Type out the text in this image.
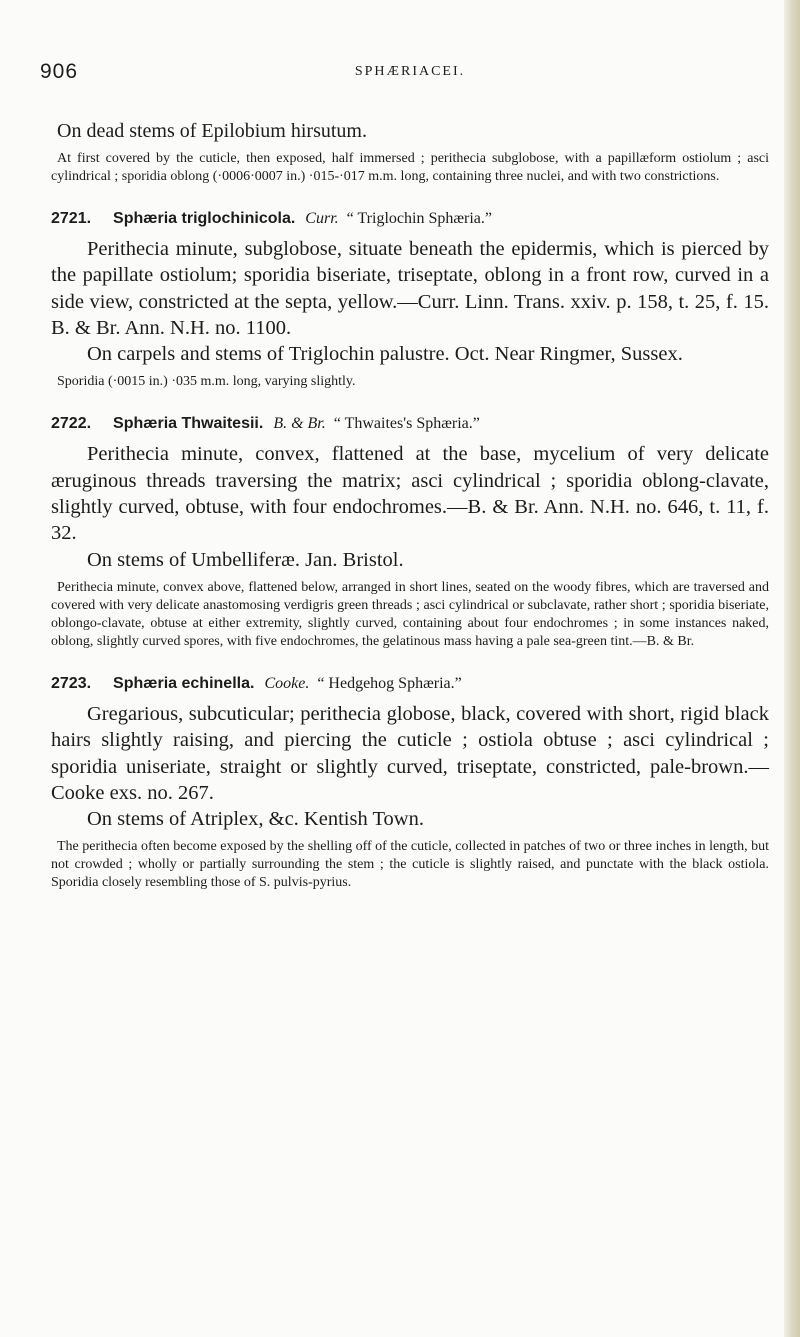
906	SPHÆRIACEI.

On dead stems of Epilobium hirsutum.

At first covered by the cuticle, then exposed, half immersed ; perithecia subglobose, with a papillæform ostiolum ; asci cylindrical ; sporidia oblong (·0006·0007 in.) ·015-·017 m.m. long, containing three nuclei, and with two constrictions.

2721. Sphæria triglochinicola. Curr. “ Triglochin Sphæria.”

Perithecia minute, subglobose, situate beneath the epidermis, which is pierced by the papillate ostiolum; sporidia biseriate, triseptate, oblong in a front row, curved in a side view, constricted at the septa, yellow.—Curr. Linn. Trans. xxiv. p. 158, t. 25, f. 15. B. & Br. Ann. N.H. no. 1100.

On carpels and stems of Triglochin palustre. Oct. Near Ringmer, Sussex.

Sporidia (·0015 in.) ·035 m.m. long, varying slightly.

2722. Sphæria Thwaitesii. B. & Br. “ Thwaites's Sphæria.”

Perithecia minute, convex, flattened at the base, mycelium of very delicate æruginous threads traversing the matrix; asci cylindrical ; sporidia oblong-clavate, slightly curved, obtuse, with four endochromes.—B. & Br. Ann. N.H. no. 646, t. 11, f. 32.

On stems of Umbelliferæ. Jan. Bristol.

Perithecia minute, convex above, flattened below, arranged in short lines, seated on the woody fibres, which are traversed and covered with very delicate anastomosing verdigris green threads ; asci cylindrical or subclavate, rather short ; sporidia biseriate, oblongo-clavate, obtuse at either extremity, slightly curved, containing about four endochromes ; in some instances naked, oblong, slightly curved spores, with five endochromes, the gelatinous mass having a pale sea-green tint.—B. & Br.

2723. Sphæria echinella. Cooke. “ Hedgehog Sphæria.”

Gregarious, subcuticular; perithecia globose, black, covered with short, rigid black hairs slightly raising, and piercing the cuticle ; ostiola obtuse ; asci cylindrical ; sporidia uniseriate, straight or slightly curved, triseptate, constricted, pale-brown.—Cooke exs. no. 267.

On stems of Atriplex, &c. Kentish Town.

The perithecia often become exposed by the shelling off of the cuticle, collected in patches of two or three inches in length, but not crowded ; wholly or partially surrounding the stem ; the cuticle is slightly raised, and punctate with the black ostiola. Sporidia closely resembling those of S. pulvis-pyrius.
